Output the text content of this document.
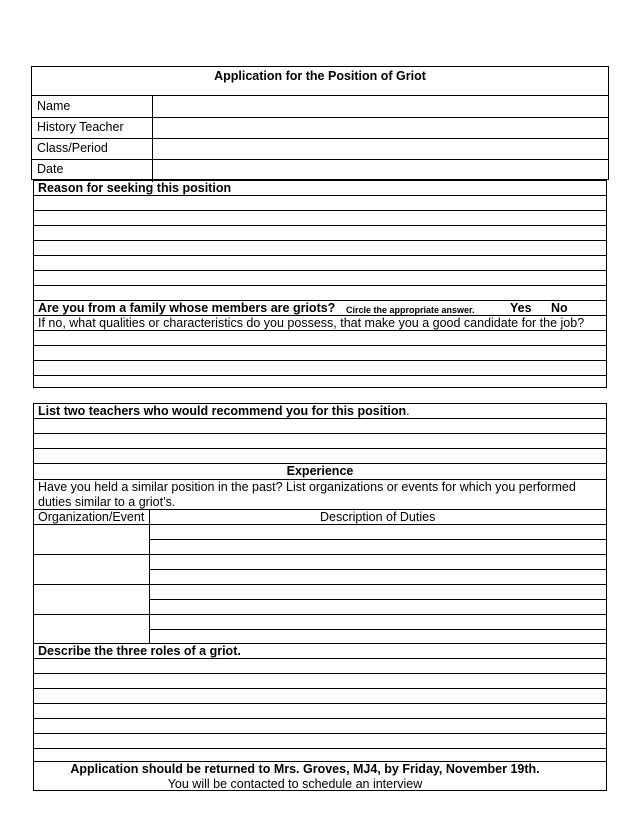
Application for the Position of Griot
Name
History Teacher
Class/Period
Date
Reason for seeking this position
Are you from a family whose members are griots? Circle the appropriate answer.	Yes No
If no, what qualities or characteristics do you possess, that make you a good candidate for the job?
List two teachers who would recommend you for this position.
Experience
Have you held a similar position in the past? List organizations or events for which you performed
duties similar to a griot’s.
Organization/Event	Description of Duties
Describe the three roles of a griot.
Application should be returned to Mrs. Groves, MJ4, by Friday, November 19th.
You will be contacted to schedule an interview
